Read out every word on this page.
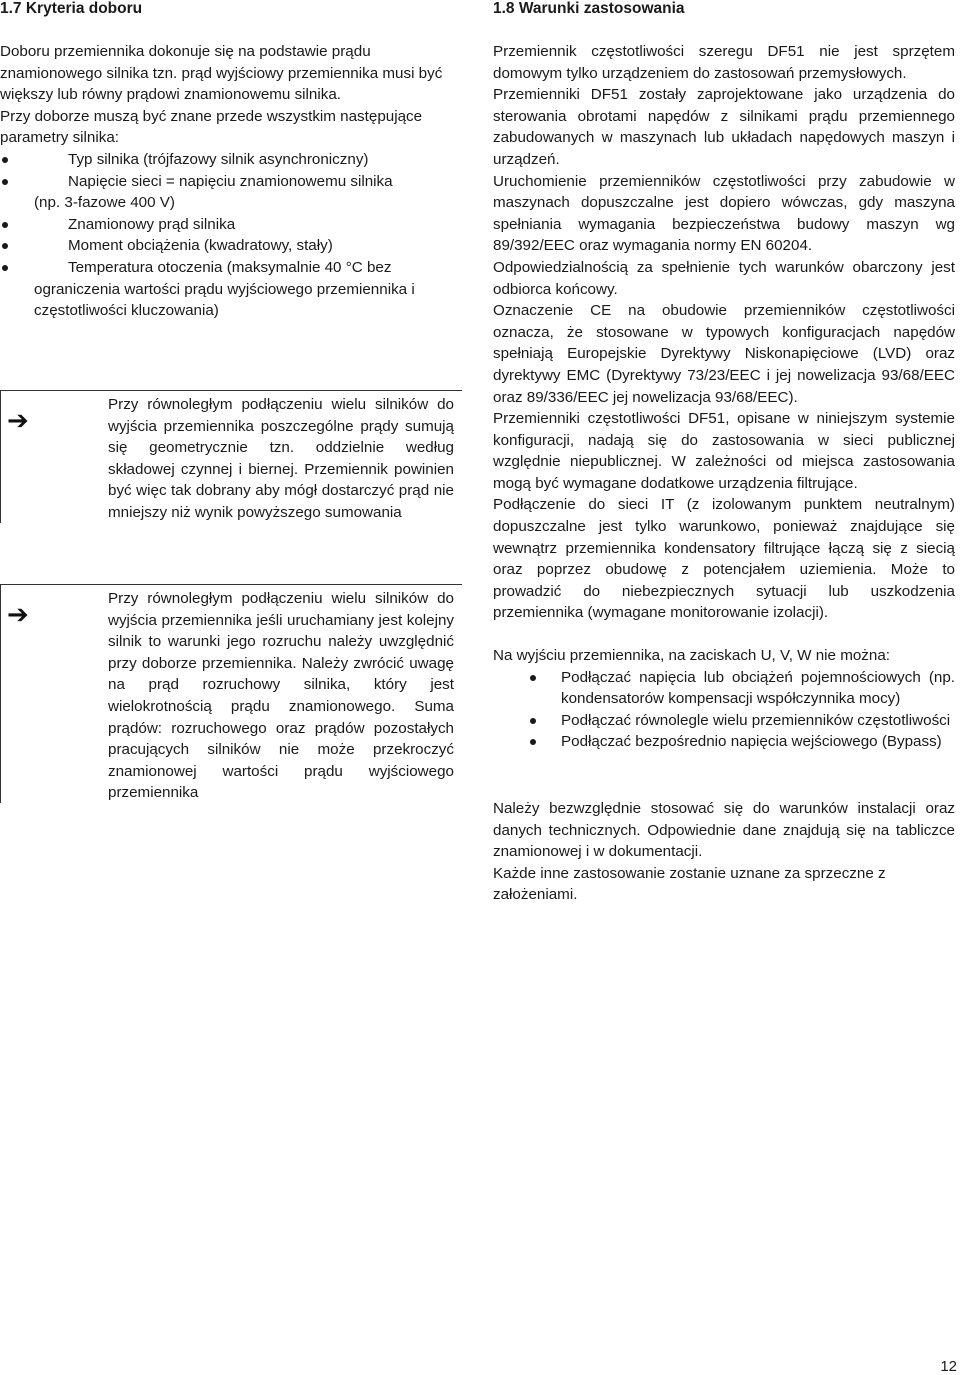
1.7 Kryteria doboru

Doboru przemiennika dokonuje się na podstawie prądu znamionowego silnika tzn. prąd wyjściowy przemiennika musi być większy lub równy prądowi znamionowemu silnika.

Przy doborze muszą być znane przede wszystkim następujące parametry silnika:

Typ silnika (trójfazowy silnik asynchroniczny)
Napięcie sieci = napięciu znamionowemu silnika
(np. 3-fazowe 400 V)
Znamionowy prąd silnika
Moment obciążenia (kwadratowy, stały)
Temperatura otoczenia (maksymalnie 40 °C bez
ograniczenia wartości prądu wyjściowego przemiennika i częstotliwości kluczowania)
➔
Przy równoległym podłączeniu wielu silników do wyjścia przemiennika poszczególne prądy sumują się geometrycznie tzn. oddzielnie według składowej czynnej i biernej. Przemiennik powinien być więc tak dobrany aby mógł dostarczyć prąd nie mniejszy niż wynik powyższego sumowania
➔
Przy równoległym podłączeniu wielu silników do wyjścia przemiennika jeśli uruchamiany jest kolejny silnik to warunki jego rozruchu należy uwzględnić przy doborze przemiennika. Należy zwrócić uwagę na prąd rozruchowy silnika, który jest wielokrotnością prądu znamionowego. Suma prądów: rozruchowego oraz prądów pozostałych pracujących silników nie może przekroczyć znamionowej wartości prądu wyjściowego przemiennika
1.8 Warunki zastosowania

Przemiennik częstotliwości szeregu DF51 nie jest sprzętem domowym tylko urządzeniem do zastosowań przemysłowych.

Przemienniki DF51 zostały zaprojektowane jako urządzenia do sterowania obrotami napędów z silnikami prądu przemiennego zabudowanych w maszynach lub układach napędowych maszyn i urządzeń.

Uruchomienie przemienników częstotliwości przy zabudowie w maszynach dopuszczalne jest dopiero wówczas, gdy maszyna spełniania wymagania bezpieczeństwa budowy maszyn wg 89/392/EEC oraz wymagania normy EN 60204.

Odpowiedzialnością za spełnienie tych warunków obarczony jest odbiorca końcowy.

Oznaczenie CE na obudowie przemienników częstotliwości oznacza, że stosowane w typowych konfiguracjach napędów spełniają Europejskie Dyrektywy Niskonapięciowe (LVD) oraz dyrektywy EMC (Dyrektywy 73/23/EEC i jej nowelizacja 93/68/EEC oraz 89/336/EEC jej nowelizacja 93/68/EEC).

Przemienniki częstotliwości DF51, opisane w niniejszym systemie konfiguracji, nadają się do zastosowania w sieci publicznej względnie niepublicznej. W zależności od miejsca zastosowania mogą być wymagane dodatkowe urządzenia filtrujące.

Podłączenie do sieci IT (z izolowanym punktem neutralnym) dopuszczalne jest tylko warunkowo, ponieważ znajdujące się wewnątrz przemiennika kondensatory filtrujące łączą się z siecią oraz poprzez obudowę z potencjałem uziemienia. Może to prowadzić do niebezpiecznych sytuacji lub uszkodzenia przemiennika (wymagane monitorowanie izolacji).

Na wyjściu przemiennika, na zaciskach U, V, W nie można:

Podłączać napięcia lub obciążeń pojemnościowych (np. kondensatorów kompensacji współczynnika mocy)
Podłączać równolegle wielu przemienników częstotliwości
Podłączać bezpośrednio napięcia wejściowego (Bypass)

Należy bezwzględnie stosować się do warunków instalacji oraz danych technicznych. Odpowiednie dane znajdują się na tabliczce znamionowej i w dokumentacji.

Każde inne zastosowanie zostanie uznane za sprzeczne z założeniami.

12
